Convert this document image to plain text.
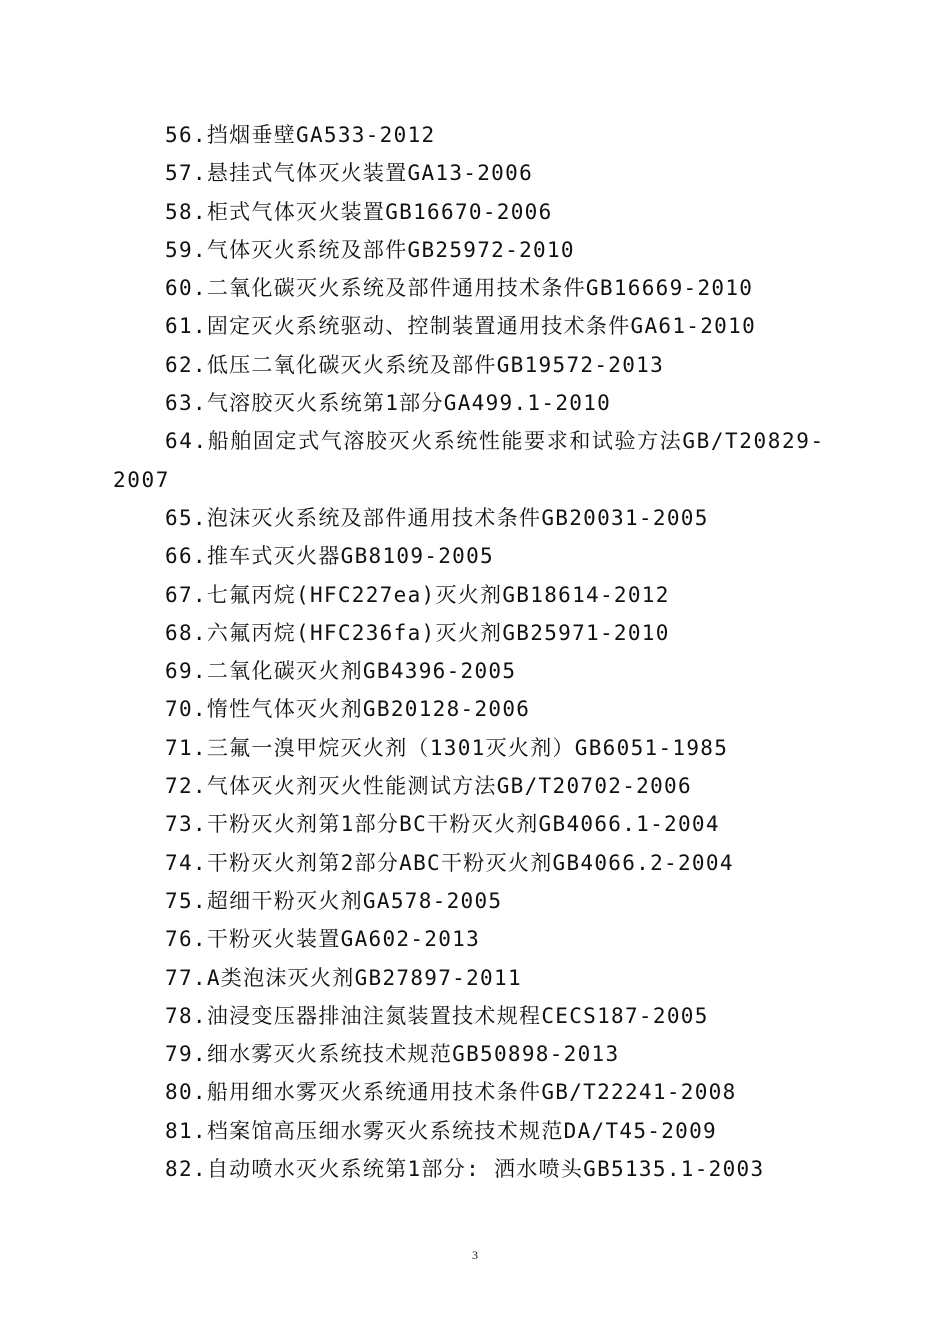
56.挡烟垂壁GA533-2012
57.悬挂式气体灭火装置GA13-2006
58.柜式气体灭火装置GB16670-2006
59.气体灭火系统及部件GB25972-2010
60.二氧化碳灭火系统及部件通用技术条件GB16669-2010
61.固定灭火系统驱动、控制装置通用技术条件GA61-2010
62.低压二氧化碳灭火系统及部件GB19572-2013
63.气溶胶灭火系统第1部分GA499.1-2010
64.船舶固定式气溶胶灭火系统性能要求和试验方法GB/T20829-2007
65.泡沫灭火系统及部件通用技术条件GB20031-2005
66.推车式灭火器GB8109-2005
67.七氟丙烷(HFC227ea)灭火剂GB18614-2012
68.六氟丙烷(HFC236fa)灭火剂GB25971-2010
69.二氧化碳灭火剂GB4396-2005
70.惰性气体灭火剂GB20128-2006
71.三氟一溴甲烷灭火剂（1301灭火剂）GB6051-1985
72.气体灭火剂灭火性能测试方法GB/T20702-2006
73.干粉灭火剂第1部分BC干粉灭火剂GB4066.1-2004
74.干粉灭火剂第2部分ABC干粉灭火剂GB4066.2-2004
75.超细干粉灭火剂GA578-2005
76.干粉灭火装置GA602-2013
77.A类泡沫灭火剂GB27897-2011
78.油浸变压器排油注氮装置技术规程CECS187-2005
79.细水雾灭火系统技术规范GB50898-2013
80.船用细水雾灭火系统通用技术条件GB/T22241-2008
81.档案馆高压细水雾灭火系统技术规范DA/T45-2009
82.自动喷水灭火系统第1部分: 洒水喷头GB5135.1-2003
3
